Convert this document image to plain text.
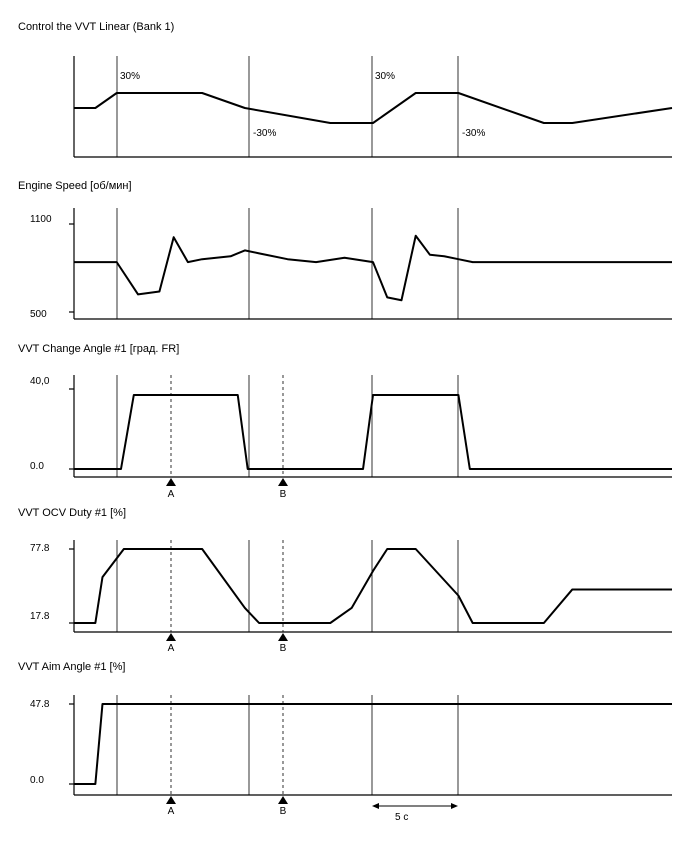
Control the VVT Linear (Bank 1)
Engine Speed [об/мин]
VVT Change Angle #1 [град. FR]
VVT OCV Duty #1 [%]
VVT Aim Angle #1 [%]
30%
-30%
30%
-30%
1100
500
40,0
0.0
77.8
17.8
47.8
0.0
A	B
A	B
A	B
5 с
